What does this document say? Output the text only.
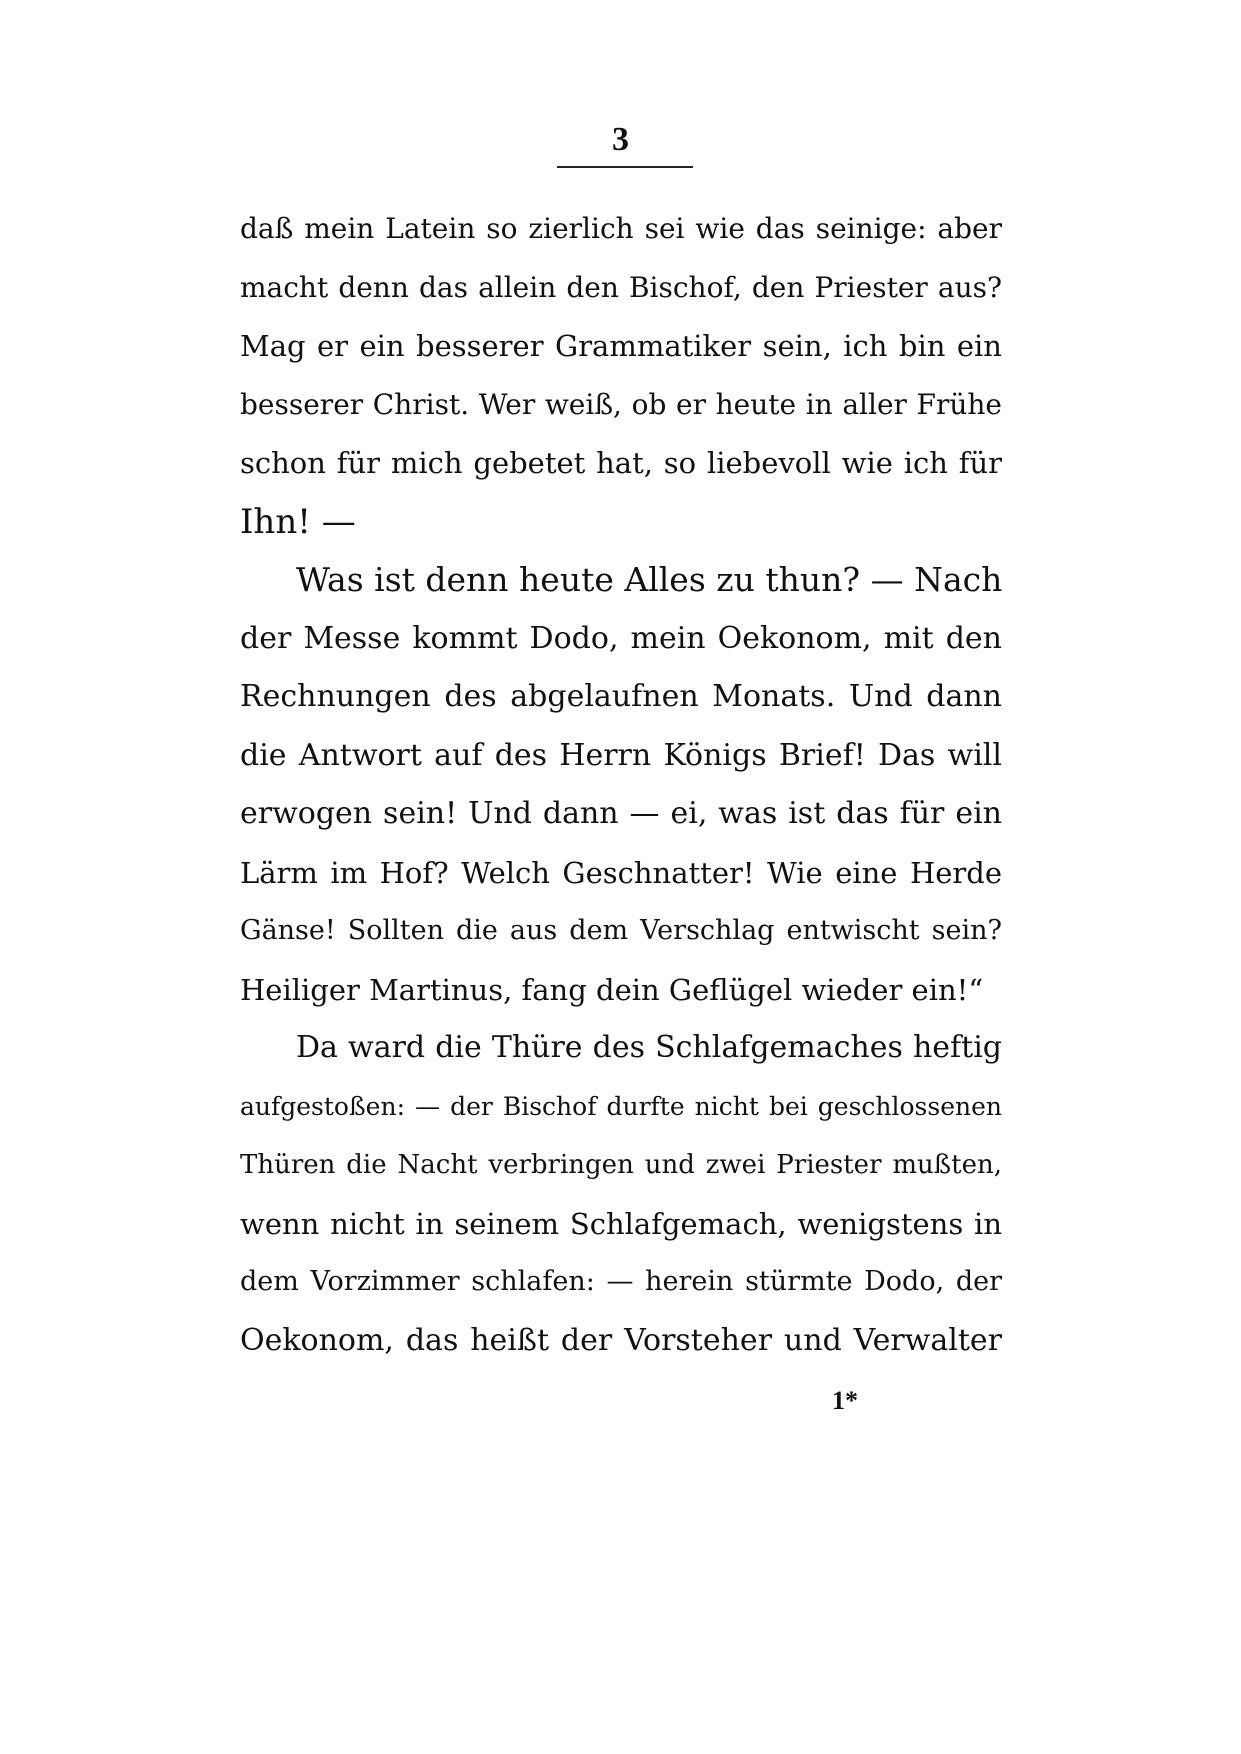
3
daß mein Latein so zierlich sei wie das seinige: aber
macht denn das allein den Bischof, den Priester aus?
Mag er ein besserer Grammatiker sein, ich bin ein
besserer Christ. Wer weiß, ob er heute in aller Frühe
schon für mich gebetet hat, so liebevoll wie ich für
Ihn! —
Was ist denn heute Alles zu thun? — Nach
der Messe kommt Dodo, mein Oekonom, mit den
Rechnungen des abgelaufnen Monats. Und dann
die Antwort auf des Herrn Königs Brief! Das will
erwogen sein! Und dann — ei, was ist das für ein
Lärm im Hof? Welch Geschnatter! Wie eine Herde
Gänse! Sollten die aus dem Verschlag entwischt sein?
Heiliger Martinus, fang dein Geflügel wieder ein!“
Da ward die Thüre des Schlafgemaches heftig
aufgestoßen: — der Bischof durfte nicht bei geschlossenen
Thüren die Nacht verbringen und zwei Priester mußten,
wenn nicht in seinem Schlafgemach, wenigstens in
dem Vorzimmer schlafen: — herein stürmte Dodo, der
Oekonom, das heißt der Vorsteher und Verwalter
1*
